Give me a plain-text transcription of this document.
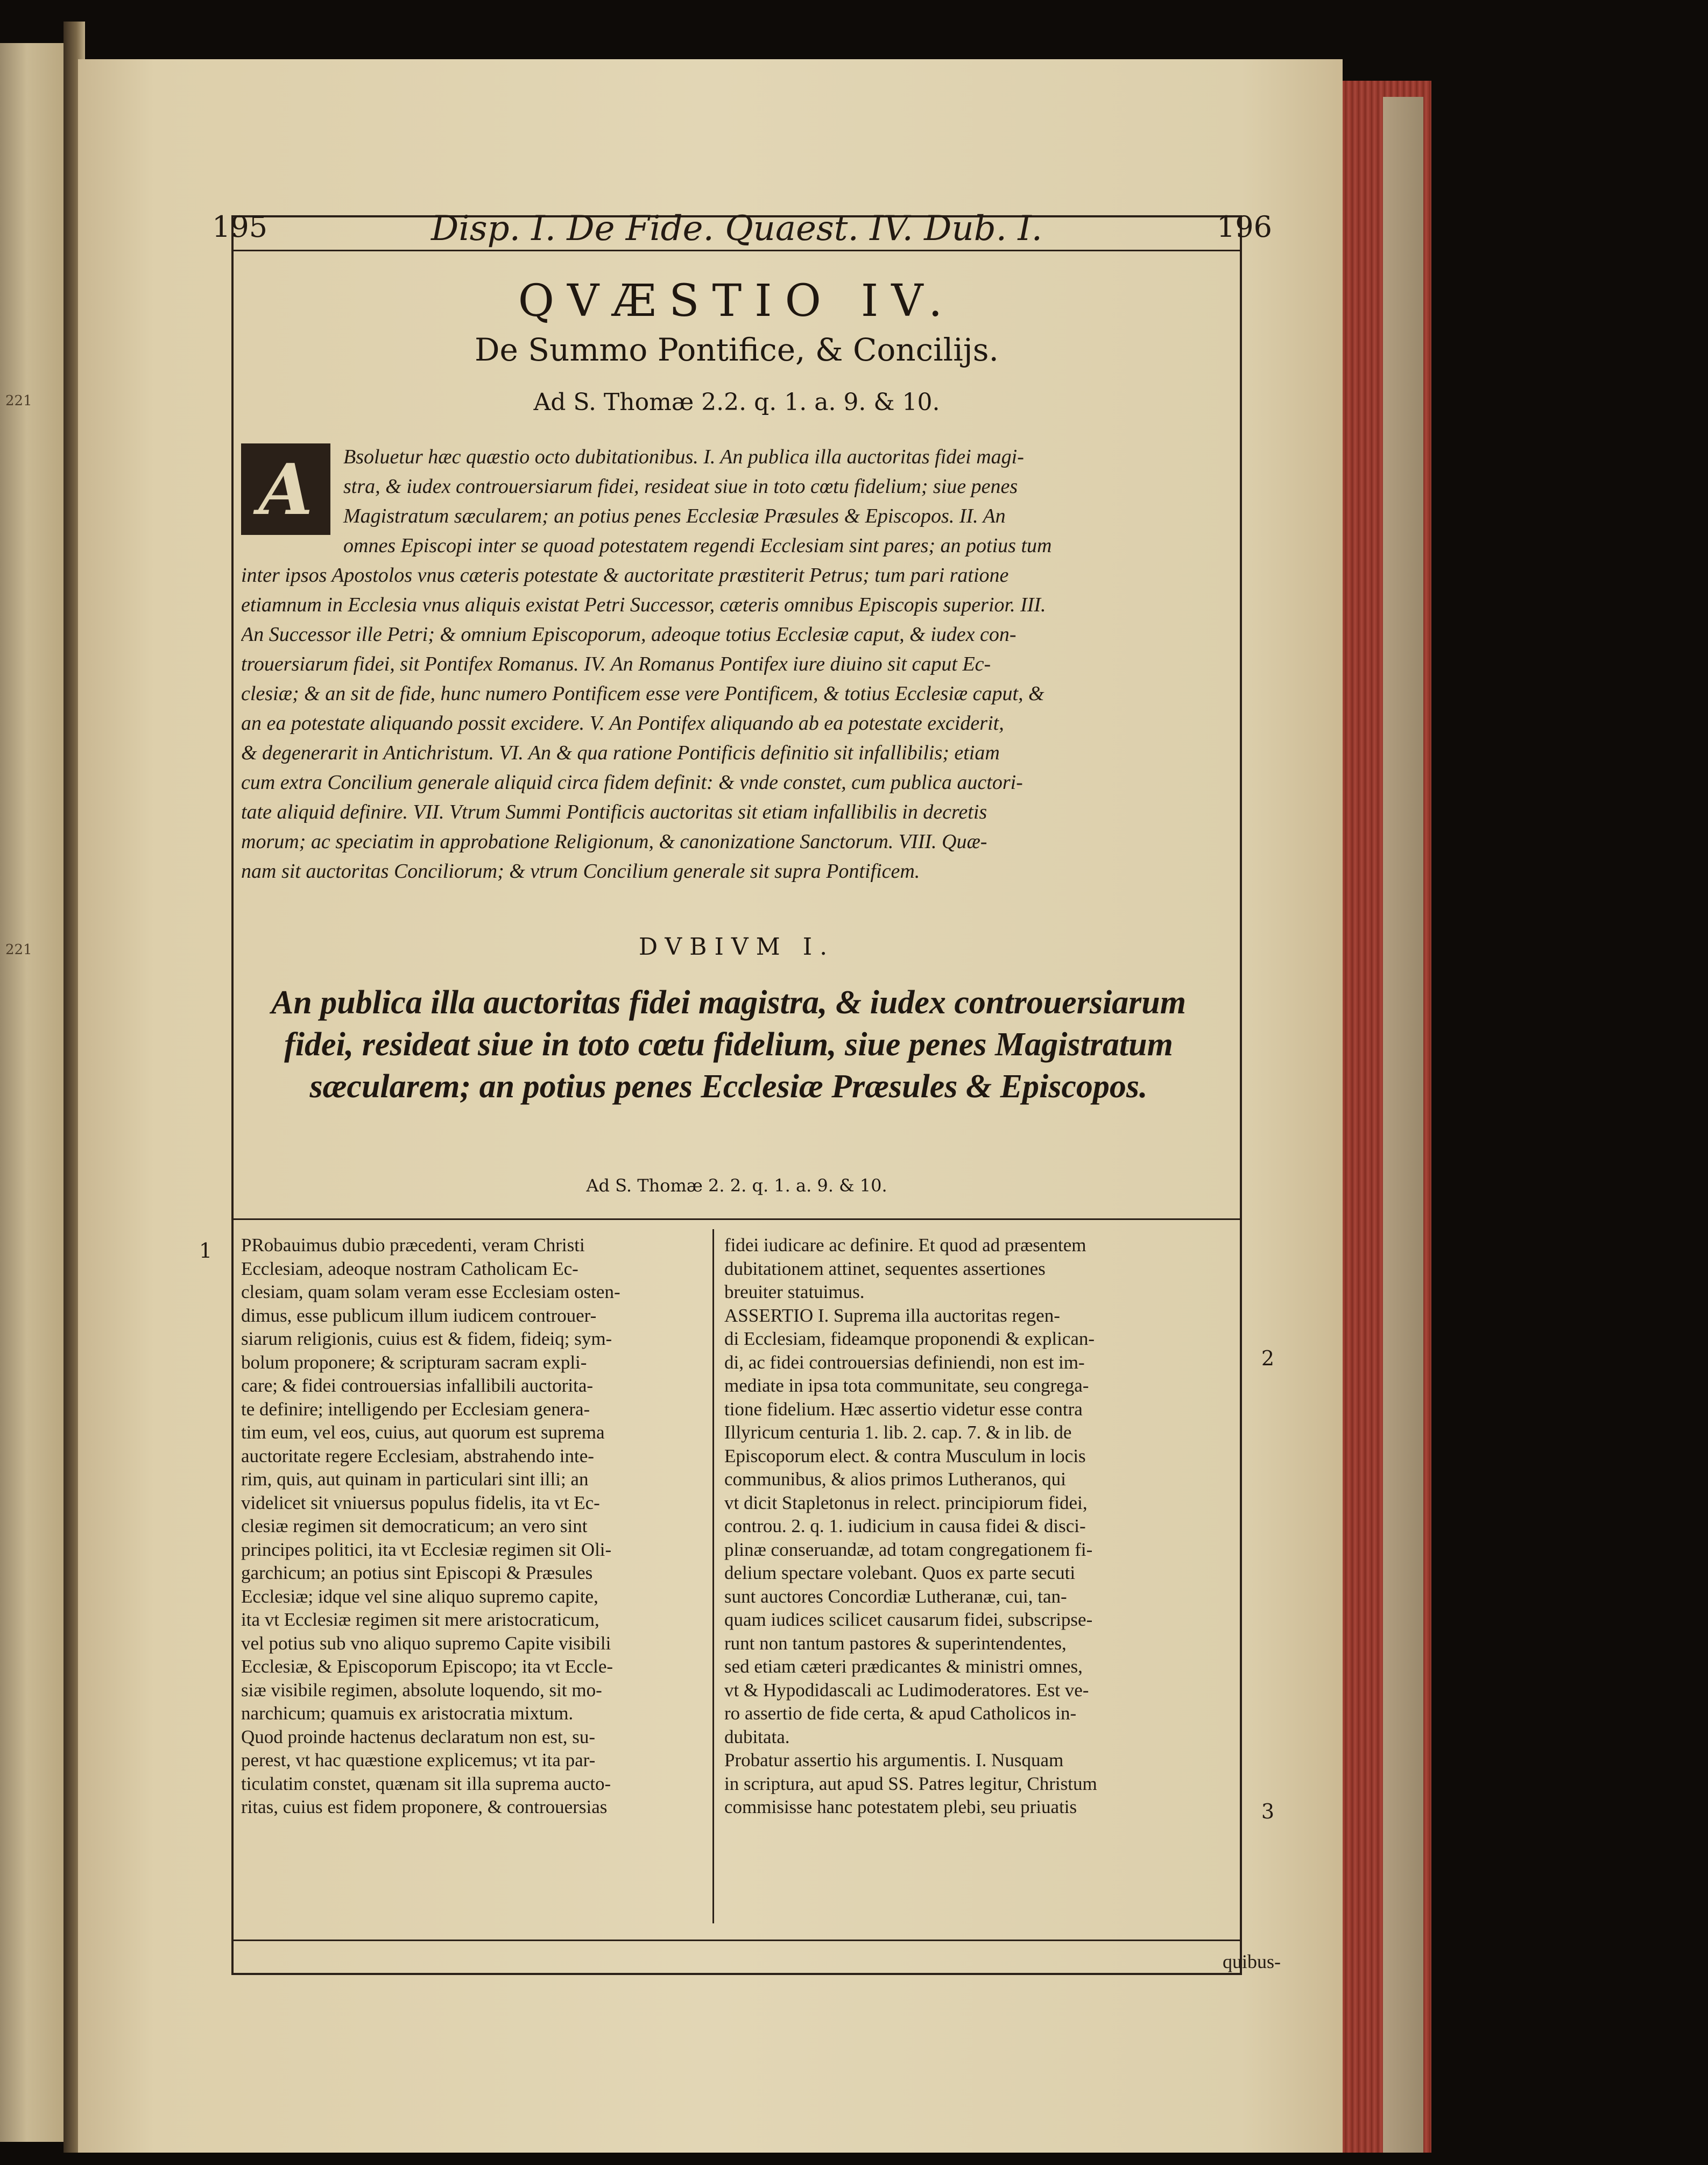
221
221
195	Disp. I. De Fide. Quaest. IV. Dub. I.	196
QVÆSTIO IV.
De Summo Pontifice, & Concilijs.
Ad S. Thomæ 2.2. q. 1. a. 9. & 10.
A	Bsoluetur hæc quæstio octo dubitationibus. I. An publica illa auctoritas fidei magi-
stra, & iudex controuersiarum fidei, resideat siue in toto cœtu fidelium; siue penes
Magistratum sæcularem; an potius penes Ecclesiæ Præsules & Episcopos. II. An
omnes Episcopi inter se quoad potestatem regendi Ecclesiam sint pares; an potius tum
inter ipsos Apostolos vnus cæteris potestate & auctoritate præstiterit Petrus; tum pari ratione
etiamnum in Ecclesia vnus aliquis existat Petri Successor, cæteris omnibus Episcopis superior. III.
An Successor ille Petri; & omnium Episcoporum, adeoque totius Ecclesiæ caput, & iudex con-
trouersiarum fidei, sit Pontifex Romanus. IV. An Romanus Pontifex iure diuino sit caput Ec-
clesiæ; & an sit de fide, hunc numero Pontificem esse vere Pontificem, & totius Ecclesiæ caput, &
an ea potestate aliquando possit excidere. V. An Pontifex aliquando ab ea potestate exciderit,
& degenerarit in Antichristum. VI. An & qua ratione Pontificis definitio sit infallibilis; etiam
cum extra Concilium generale aliquid circa fidem definit: & vnde constet, cum publica auctori-
tate aliquid definire. VII. Vtrum Summi Pontificis auctoritas sit etiam infallibilis in decretis
morum; ac speciatim in approbatione Religionum, & canonizatione Sanctorum. VIII. Quæ-
nam sit auctoritas Conciliorum; & vtrum Concilium generale sit supra Pontificem.
DVBIVM I.
An publica illa auctoritas fidei magistra, & iudex controuersiarum fidei, resideat siue in toto cœtu fidelium, siue penes Magistratum sæcularem; an potius penes Ecclesiæ Præsules & Episcopos.
Ad S. Thomæ 2. 2. q. 1. a. 9. & 10.
1
2
3
PRobauimus dubio præcedenti, veram Christi
Ecclesiam, adeoque nostram Catholicam Ec-
clesiam, quam solam veram esse Ecclesiam osten-
dimus, esse publicum illum iudicem controuer-
siarum religionis, cuius est & fidem, fideiq; sym-
bolum proponere; & scripturam sacram expli-
care; & fidei controuersias infallibili auctorita-
te definire; intelligendo per Ecclesiam genera-
tim eum, vel eos, cuius, aut quorum est suprema
auctoritate regere Ecclesiam, abstrahendo inte-
rim, quis, aut quinam in particulari sint illi; an
videlicet sit vniuersus populus fidelis, ita vt Ec-
clesiæ regimen sit democraticum; an vero sint
principes politici, ita vt Ecclesiæ regimen sit Oli-
garchicum; an potius sint Episcopi & Præsules
Ecclesiæ; idque vel sine aliquo supremo capite,
ita vt Ecclesiæ regimen sit mere aristocraticum,
vel potius sub vno aliquo supremo Capite visibili
Ecclesiæ, & Episcoporum Episcopo; ita vt Eccle-
siæ visibile regimen, absolute loquendo, sit mo-
narchicum; quamuis ex aristocratia mixtum.
Quod proinde hactenus declaratum non est, su-
perest, vt hac quæstione explicemus; vt ita par-
ticulatim constet, quænam sit illa suprema aucto-
ritas, cuius est fidem proponere, & controuersias
fidei iudicare ac definire. Et quod ad præsentem
dubitationem attinet, sequentes assertiones
breuiter statuimus.
ASSERTIO I. Suprema illa auctoritas regen-
di Ecclesiam, fideamque proponendi & explican-
di, ac fidei controuersias definiendi, non est im-
mediate in ipsa tota communitate, seu congrega-
tione fidelium. Hæc assertio videtur esse contra
Illyricum centuria 1. lib. 2. cap. 7. & in lib. de
Episcoporum elect. & contra Musculum in locis
communibus, & alios primos Lutheranos, qui
vt dicit Stapletonus in relect. principiorum fidei,
controu. 2. q. 1. iudicium in causa fidei & disci-
plinæ conseruandæ, ad totam congregationem fi-
delium spectare volebant. Quos ex parte secuti
sunt auctores Concordiæ Lutheranæ, cui, tan-
quam iudices scilicet causarum fidei, subscripse-
runt non tantum pastores & superintendentes,
sed etiam cæteri prædicantes & ministri omnes,
vt & Hypodidascali ac Ludimoderatores. Est ve-
ro assertio de fide certa, & apud Catholicos in-
dubitata.
Probatur assertio his argumentis. I. Nusquam
in scriptura, aut apud SS. Patres legitur, Christum
commisisse hanc potestatem plebi, seu priuatis
quibus-
